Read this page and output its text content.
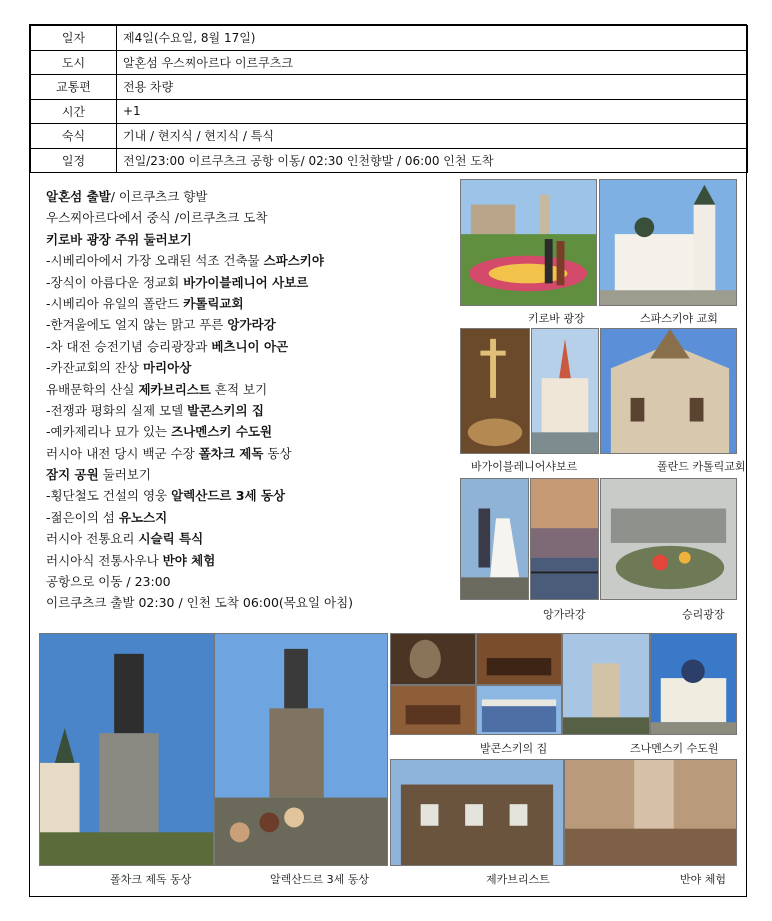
일자	제4일(수요일, 8월 17일)
도시	알혼섬 우스찌아르다 이르쿠츠크
교통편	전용 차량
시간	+1
숙식	기내 / 현지식 / 현지식 / 특식
일정	전일/23:00 이르쿠츠크 공항 이동/ 02:30 인천향발 / 06:00 인천 도착
알혼섬 출발/ 이르쿠츠크 향발
우스찌아르다에서 중식 /이르쿠츠크 도착
키로바 광장 주위 둘러보기
-시베리아에서 가장 오래된 석조 건축물 스파스키야
-장식이 아름다운 정교회 바가이블레니어 사보르
-시베리아 유일의 폴란드 카톨릭교회
-한겨울에도 얼지 않는 맑고 푸른 앙가라강
-차 대전 승전기념 승리광장과 베츠니이 아곤
-카잔교회의 잔상 마리아상
유배문학의 산실 제카브리스트 흔적 보기
-전쟁과 평화의 실제 모델 발콘스키의 집
-예카제리나 묘가 있는 즈나멘스키 수도원
러시아 내전 당시 백군 수장 폴차크 제독 동상
잠지 공원 둘러보기
-횡단철도 건설의 영웅 알렉산드르 3세 동상
-젊은이의 섬 유노스지
러시아 전통요리 시슬릭 특식
러시아식 전통사우나 반야 체험
공항으로 이동 / 23:00
이르쿠츠크 출발 02:30 / 인천 도착 06:00(목요일 아침)
키로바 광장	스파스키야 교회
바가이블레니어샤보르	폴란드 카톨릭교회
앙가라강	승리광장
발콘스키의 집	즈나멘스키 수도원
폴차크 제독 동상	알렉산드르 3세 동상	제카브리스트	반야 체험
